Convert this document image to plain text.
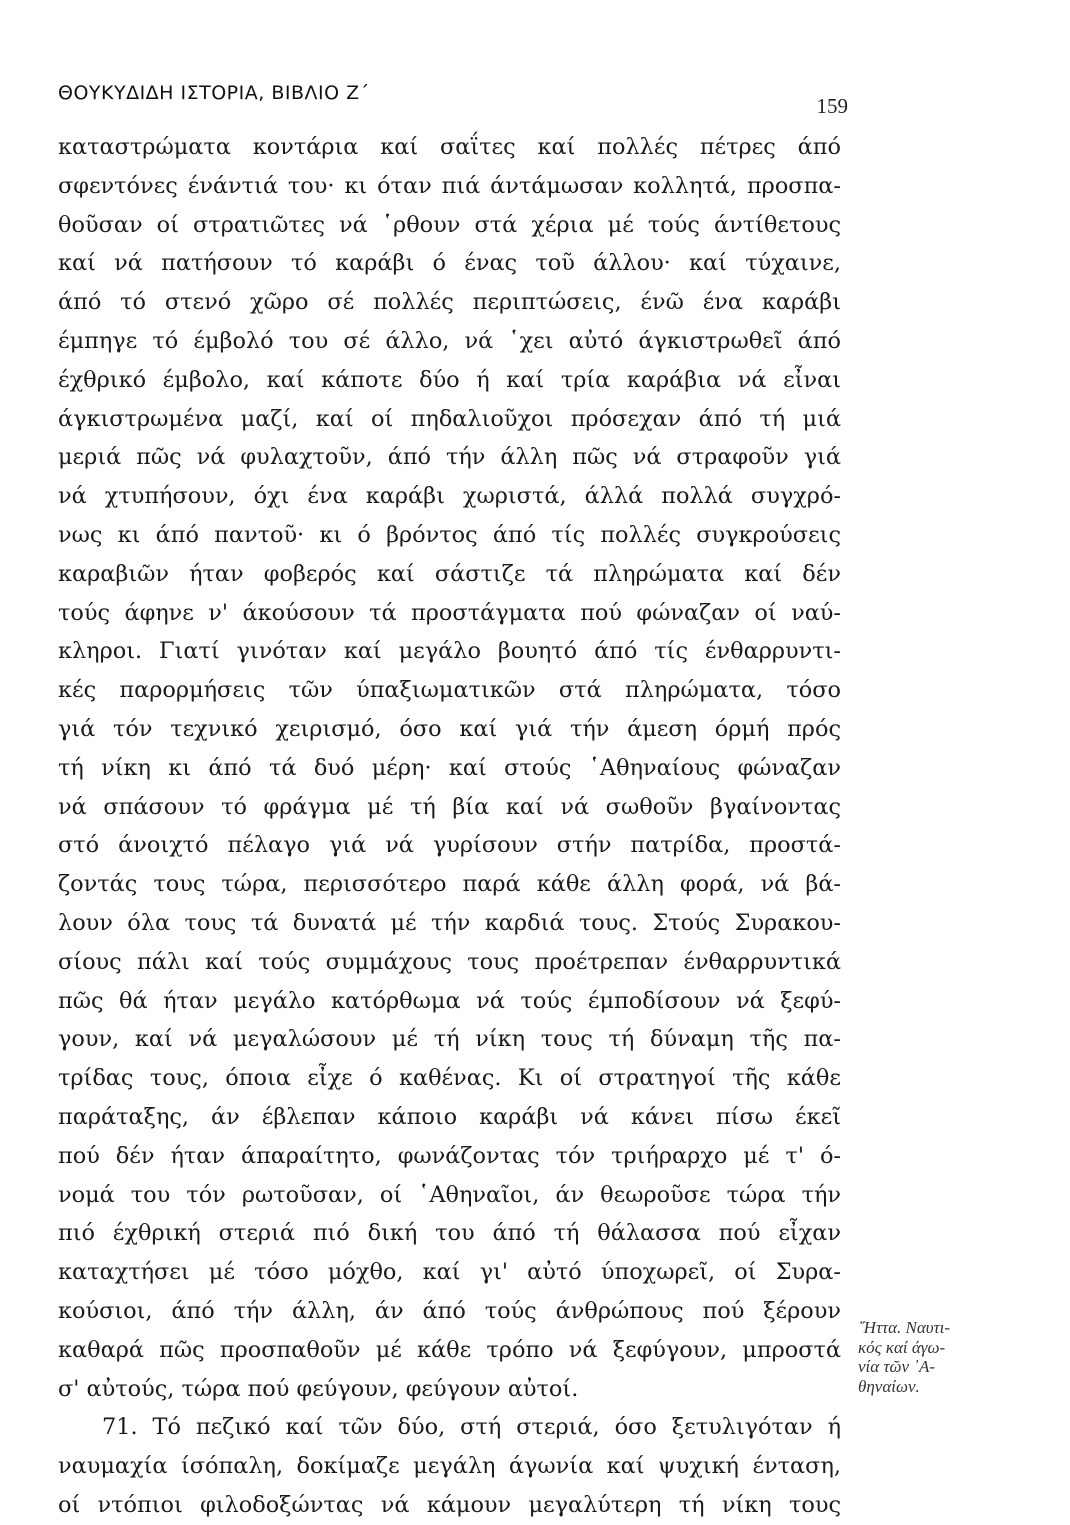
ΘΟΥΚΥΔΙΔΗ ΙΣΤΟΡΙΑ, ΒΙΒΛΙΟ Ζ΄
159
καταστρώματα κοντάρια καί σαΐτες καί πολλές πέτρες άπό
σφεντόνες ένάντιά του· κι όταν πιά άντάμωσαν κολλητά, προσπα-
θοῦσαν οί στρατιῶτες νά ῾ρθουν στά χέρια μέ τούς άντίθετους
καί νά πατήσουν τό καράβι ό ένας τοῦ άλλου· καί τύχαινε,
άπό τό στενό χῶρο σέ πολλές περιπτώσεις, ένῶ ένα καράβι
έμπηγε τό έμβολό του σέ άλλο, νά ῾χει αὐτό άγκιστρωθεῖ άπό
έχθρικό έμβολο, καί κάποτε δύο ή καί τρία καράβια νά εἶναι
άγκιστρωμένα μαζί, καί οί πηδαλιοῦχοι πρόσεχαν άπό τή μιά
μεριά πῶς νά φυλαχτοῦν, άπό τήν άλλη πῶς νά στραφοῦν γιά
νά χτυπήσουν, όχι ένα καράβι χωριστά, άλλά πολλά συγχρό-
νως κι άπό παντοῦ· κι ό βρόντος άπό τίς πολλές συγκρούσεις
καραβιῶν ήταν φοβερός καί σάστιζε τά πληρώματα καί δέν
τούς άφηνε ν' άκούσουν τά προστάγματα πού φώναζαν οί ναύ-
κληροι. Γιατί γινόταν καί μεγάλο βουητό άπό τίς ένθαρρυντι-
κές παρορμήσεις τῶν ύπαξιωματικῶν στά πληρώματα, τόσο
γιά τόν τεχνικό χειρισμό, όσο καί γιά τήν άμεση όρμή πρός
τή νίκη κι άπό τά δυό μέρη· καί στούς ῾Αθηναίους φώναζαν
νά σπάσουν τό φράγμα μέ τή βία καί νά σωθοῦν βγαίνοντας
στό άνοιχτό πέλαγο γιά νά γυρίσουν στήν πατρίδα, προστά-
ζοντάς τους τώρα, περισσότερο παρά κάθε άλλη φορά, νά βά-
λουν όλα τους τά δυνατά μέ τήν καρδιά τους. Στούς Συρακου-
σίους πάλι καί τούς συμμάχους τους προέτρεπαν ένθαρρυντικά
πῶς θά ήταν μεγάλο κατόρθωμα νά τούς έμποδίσουν νά ξεφύ-
γουν, καί νά μεγαλώσουν μέ τή νίκη τους τή δύναμη τῆς πα-
τρίδας τους, όποια εἶχε ό καθένας. Κι οί στρατηγοί τῆς κάθε
παράταξης, άν έβλεπαν κάποιο καράβι νά κάνει πίσω έκεῖ
πού δέν ήταν άπαραίτητο, φωνάζοντας τόν τριήραρχο μέ τ' ό-
νομά του τόν ρωτοῦσαν, οί ῾Αθηναῖοι, άν θεωροῦσε τώρα τήν
πιό έχθρική στεριά πιό δική του άπό τή θάλασσα πού εἶχαν
καταχτήσει μέ τόσο μόχθο, καί γι' αὐτό ύποχωρεῖ, οί Συρα-
κούσιοι, άπό τήν άλλη, άν άπό τούς άνθρώπους πού ξέρουν
καθαρά πῶς προσπαθοῦν μέ κάθε τρόπο νά ξεφύγουν, μπροστά
σ' αὐτούς, τώρα πού φεύγουν, φεύγουν αὐτοί.
71. Τό πεζικό καί τῶν δύο, στή στεριά, όσο ξετυλιγόταν ή
ναυμαχία ίσόπαλη, δοκίμαζε μεγάλη άγωνία καί ψυχική ένταση,
οί ντόπιοι φιλοδοξώντας νά κάμουν μεγαλύτερη τή νίκη τους
῞Ηττα. Ναυτι-
κός καί άγω-
νία τῶν ᾿Α-
θηναίων.
